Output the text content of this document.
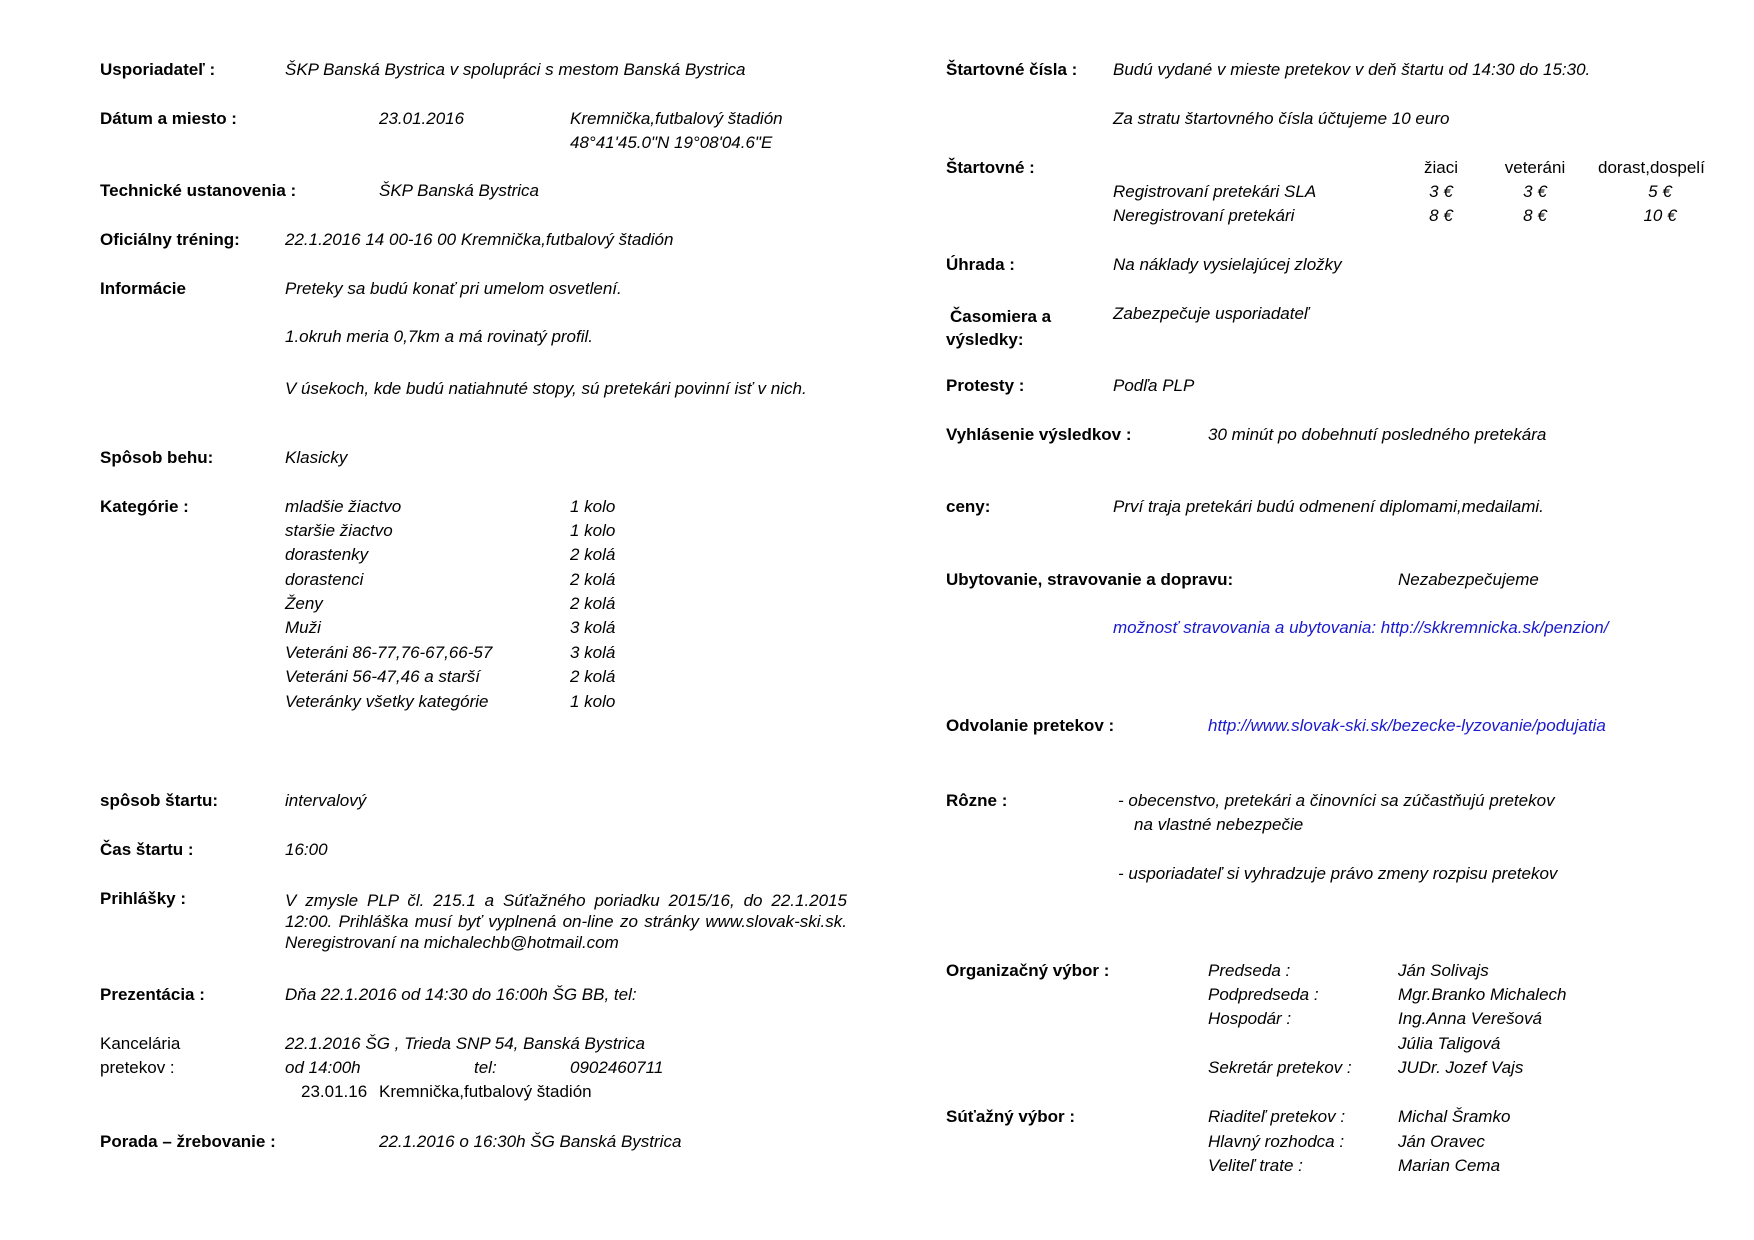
Usporiadateľ :	ŠKP Banská Bystrica v spolupráci s mestom Banská Bystrica
Dátum a miesto :	23.01.2016	Kremnička,futbalový štadión
48°41'45.0"N 19°08'04.6"E
Technické ustanovenia :	ŠKP Banská Bystrica
Oficiálny tréning:	22.1.2016 14 00-16 00 Kremnička,futbalový štadión
Informácie	Preteky sa budú konať pri umelom osvetlení.
1.okruh meria 0,7km a má rovinatý profil.
V úsekoch, kde budú natiahnuté stopy, sú pretekári povinní isť v nich.
Spôsob behu:	Klasicky
Kategórie :	mladšie žiactvo	1 kolo
staršie žiactvo	1 kolo
dorastenky	2 kolá
dorastenci	2 kolá
Ženy	2 kolá
Muži	3 kolá
Veteráni 86-77,76-67,66-57	3 kolá
Veteráni 56-47,46 a starší	2 kolá
Veteránky všetky kategórie	1 kolo
spôsob štartu:	intervalový
Čas štartu :	16:00
Prihlášky :	V zmysle PLP čl. 215.1 a Súťažného poriadku 2015/16, do 22.1.2015 12:00. Prihláška musí byť vyplnená on-line zo stránky www.slovak-ski.sk. Neregistrovaní na michalechb@hotmail.com
Prezentácia :	Dňa 22.1.2016 od 14:30 do 16:00h ŠG BB, tel:
Kancelária
pretekov :
22.1.2016 ŠG , Trieda SNP 54, Banská Bystrica
od 14:00h	tel:	0902460711
23.01.16 Kremnička,futbalový štadión
Porada – žrebovanie :	22.1.2016 o 16:30h ŠG Banská Bystrica
Štartovné čísla : Budú vydané v mieste pretekov v deň štartu od 14:30 do 15:30.
Za stratu štartovného čísla účtujeme 10 euro
Štartovné :	žiaci	veteráni dorast,dospelí
Registrovaní pretekári SLA	3 €	3 €	5 €
Neregistrovaní pretekári	8 €	8 €	10 €
Úhrada :	Na náklady vysielajúcej zložky
Časomiera a
výsledky:
Zabezpečuje usporiadateľ
Protesty :	Podľa PLP
Vyhlásenie výsledkov :	30 minút po dobehnutí posledného pretekára
ceny:	Prví traja pretekári budú odmenení diplomami,medailami.
Ubytovanie, stravovanie a dopravu:	Nezabezpečujeme
možnosť stravovania a ubytovania: http://skkremnicka.sk/penzion/
Odvolanie pretekov :	http://www.slovak-ski.sk/bezecke-lyzovanie/podujatia
Rôzne :	- obecenstvo, pretekári a činovníci sa zúčastňujú pretekov
na vlastné nebezpečie
- usporiadateľ si vyhradzuje právo zmeny rozpisu pretekov
Organizačný výbor :	Predseda :	Ján Solivajs
Podpredseda :	Mgr.Branko Michalech
Hospodár :	Ing.Anna Verešová
Júlia Taligová
Sekretár pretekov :	JUDr. Jozef Vajs
Súťažný výbor :	Riaditeľ pretekov :	Michal Šramko
Hlavný rozhodca :	Ján Oravec
Veliteľ trate :	Marian Cema
